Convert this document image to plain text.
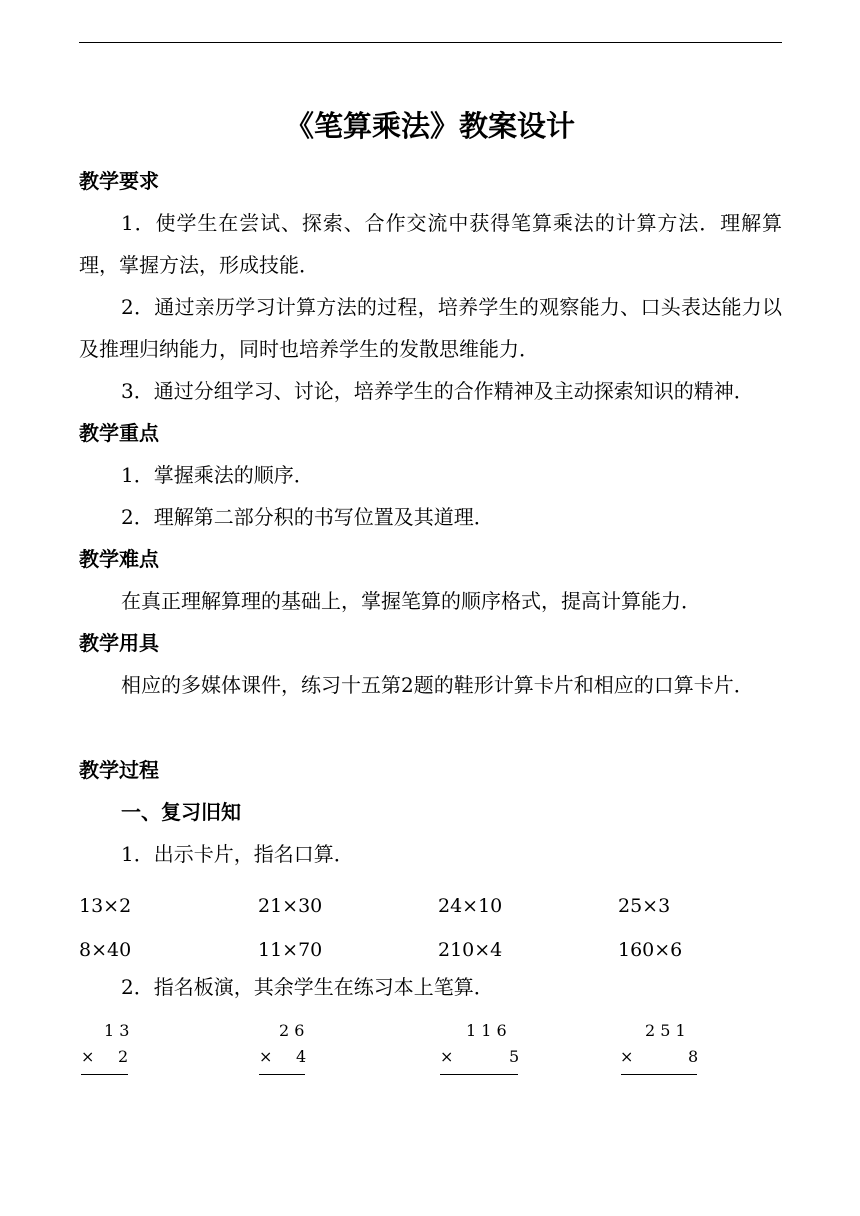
《笔算乘法》教案设计
教学要求
1．使学生在尝试、探索、合作交流中获得笔算乘法的计算方法．理解算理，掌握方法，形成技能．
2．通过亲历学习计算方法的过程，培养学生的观察能力、口头表达能力以及推理归纳能力，同时也培养学生的发散思维能力．
3．通过分组学习、讨论，培养学生的合作精神及主动探索知识的精神．
教学重点
1．掌握乘法的顺序．
2．理解第二部分积的书写位置及其道理．
教学难点
在真正理解算理的基础上，掌握笔算的顺序格式，提高计算能力．
教学用具
相应的多媒体课件，练习十五第2题的鞋形计算卡片和相应的口算卡片．
教学过程
一、复习旧知
1．出示卡片，指名口算．
13×2	21×30	24×10	25×3
8×40	11×70	210×4	160×6
2．指名板演，其余学生在练习本上笔算．
1 3
× 2
2 6
× 4
1 1 6
×	5
2 5 1
×	8
